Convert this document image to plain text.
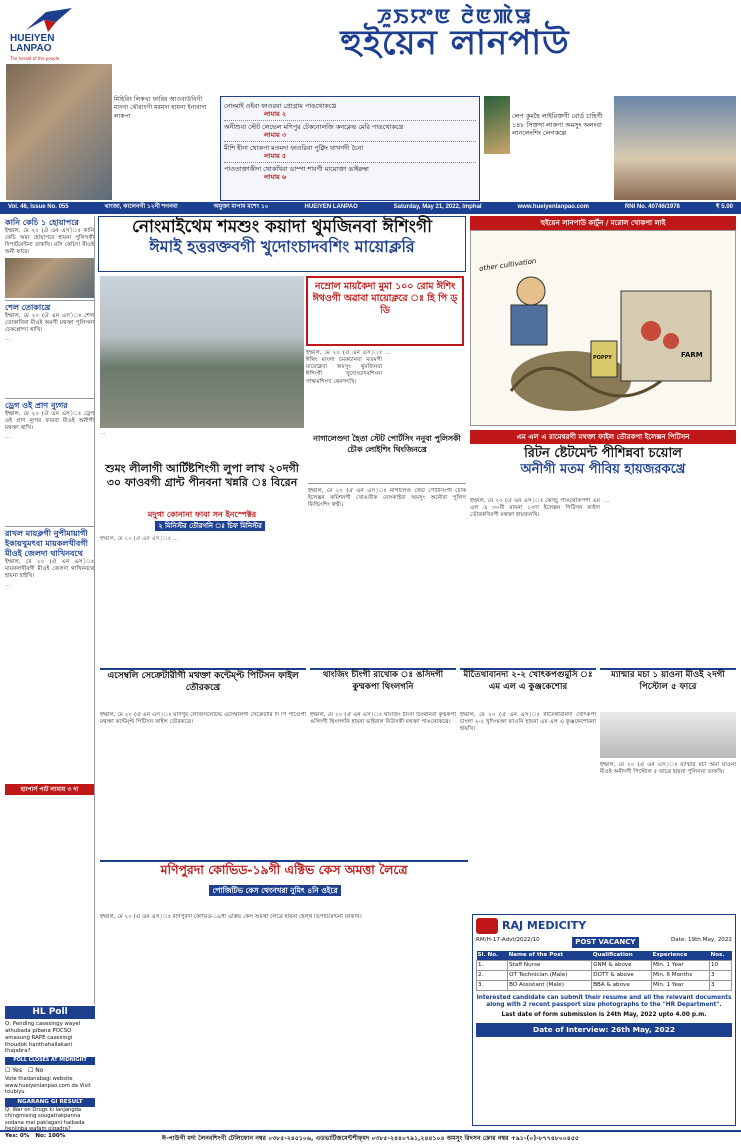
HUEIYEN LANPAO
The herald of the people
ꯍꯨꯏꯌꯦꯟ ꯂꯥꯟꯄꯥꯎ
হুইয়েন লানপাউ
মিহিরিং লিকখা ফারির আওবাউবিগী মানবা থৌরাংগী মরমদা হায়না ইনাবাদা লাকপা
নোংমাই ওইবা ফাওরবা প্রোগ্রাম পাঙথোকখ্রে
লামায় ২
অনীশুবা স্টেট লেভেল মণিপুর টেকনোলজি কনক্লেভ মেরি পাঙথোকখ্রে
লামায় ৩
মীশি হীনা থোকপা মতমদা ফাওরিবা পুক্নিং থাখগদী চৈনা
লামায় ৫
পাওতাক্তাকীদা থোকখিবা ডাম্পা শাবগী মায়োক্তা ঙাইরুম্বা
লামায় ৬
লেপ কুমহৈ লাইরিক্তগী বোর্ড চাহিগী ১৪৮ সিক্তদা লাকপা অমসুং অলংবা লানলেংশিং লেপকল্লে
Vol. 46, Issue No. 055	থাংজা, কালেনগী ১২নী শগনবা	অমুক্তা মাপাম মশেং ১০	HUEIYEN LANPAO	Saturday, May 21, 2022, Imphal	www.hueiyenlanpao.com	RNI No. 40746/1978	₹ 5.00
কানি কেচি ১ হোয়াপরে

ইম্ফাল, মে ২০ (ঐ এন এস)ঃ কানি কেচি অমা হোয়াপরে হায়না পুলিসকী দিপার্টমেন্টনা তাকখি। মসি কেচিদা মীওই অনী ফারে।

শেল তোকাখ্রে

ইম্ফাল, মে ২০ (ঐ এন এস)ঃ শেল তোকাখিবা মীওই অমগী মথক্তা পুলিসনা চেকপ্লোন্দা থাখি।

…

ড্রেগ ওই প্রাণ ন্যুগর

ইম্ফাল, মে ২০ (ঐ এন এস)ঃ ড্রেগ ওই প্রাণ ন্যুগর ফারবা মীওই অনীগী মথক্তা থাখি।

…

রাখল মায়ক্লগী নুপীমায়াগী ইকায়খুমৎবা মায়কলখীবগী মীওই জেলদা থাখিনবথে

ইম্ফাল, মে ২০ (ঐ এন এস)ঃ মায়কলখীবগী মীওই জেলদা থাখিনবথে হায়না হাইখি।

…

হ্যাপার্স পাট লামায় ৩ দা
HL Poll
Q: Pending casesingy wayel athubada pibana POCSO amasung RAPE casesingi thoudok hanthahallakani thajabra?
POLL CLOSES AT MIDNIGHT
☐ Yes ☐ No
Vote thadanabagi website www.hueiyenlanpao.com da Visit toubiyu
NGARANG GI RESULT
Q: War on Drugs ki lanjangda chingmising sougatrakpanna sodana mai paklagani haibada henjinba wafam oigadra?
Yes: 0% No: 100%
নোংমাইথেম শমশুং কয়াদা থুমজিনবা ঈশিংগী
ঈমাই হত্তরক্তবগী খুদোংচাদবশিং মায়োক্লরি
নম্রোল মায়কৈদা মুমা ১০০ রোম ঈশিং ঈথওগী অৱাবা মায়োক্লরে ঃ হি পি ড্ ডি
ইম্ফাল, মে ২০ (ঐ এন এস)ঃ ঈথিং মাংলা চমকচানবা মতমগী মায়োক্লবা অমসুং থুমজিনবা ঈশিংগী খুদোংচাদবশিংনা পাম্ফমশিংদা থেনগৎখি।
…
…
শুমং লীলাগী আর্টিষ্টশিংগী লুপা লাখ ২০দগী ৩০ ফাওবগী গ্রান্ট পীনবনা খন্নরি ঃ বিরেন
মদুগা কোনানা ফাবা সন ইনস্পেক্টর
২ মিনিস্টর তৌরগনি ঃ চিফ মিনিস্টর
ইম্ফাল, মে ২০ (ঐ এন এস)ঃ …
নাগালেণ্ডদা হৈতা স্টেট পোর্টসিং ননুবা পুলিসকী চৌক লোইশিং থিংজিনখ্রে
ইম্ফাল, মে ২০ (ঐ এন এস)ঃ নাগালেণ্ড স্টেট পোর্টসিংগী চৌক ইলেক্সন কমিশনগী খোঙতীক নোংকাইবা অমসুং অনৌবা পুলিস ফিল্ডিংশিং থম্মী।
হুইয়েন লানপাউ কার্টুন / মরোল খোকপা লাই
other cultivation
FARM
POPPY
এম এল এ রামেশ্বরগী মথক্তা ফাইল তৌরকপা ইলেক্সন পিটিসন
রিটন ষ্টেটমেন্ট পীশিন্নবা চয়োল
অনীগী মতম পীবিয় হায়জরকখ্রে
ইম্ফাল, মে ২০ (ঐ এন এস)ঃ কেসচু পাঙথোকপগী এম এল এ ৩০নী মায়না ১৩দা ইলেক্সন পিটিসন ফাইল তৌরকখিবগী মথক্তা হায়জনখি।
…
এসেম্বলি সেক্রেটারীগী মথক্তা কন্টেম্প্ট পিটিসন ফাইল তৌরকখ্রে
ইম্ফাল, মে ২০ (ঐ এন এস)ঃ মণিপুর লেজিসলেটিভ এসেম্বলিগী সেক্রেটারি দি পি পাণ্ডেগী মথক্তা কন্টেম্প্ট পিটিসন ফাইল তৌরকখ্রে।
থাংজিং চীংগী রাথোক ঃ ঙসিদগী কুম্মকপা থিংলগনি
ইম্ফাল, মে ২০ (ঐ এন এস)ঃ থাংজিং চীংদা চিংথানবা কুম্মকপা ঙসিদগী থিংলগনি হায়না ভাইরাল নিউসকী মথক্তা পাঙথোকখ্রে।
মীতৈথাবানদা ২-২ খোৎকপগুমুসি ঃ এম এল এ কুঞ্জকেশোর
ইম্ফাল, মে ২০ (ঐ এন এস)ঃ মীতৈথাবানদা খোৎকপা চাংলা ২-২ খুদিংমক্তা ফাওনি হায়না এম এল এ কুঞ্জকেশোরনা হায়খি।
ম্যান্মার মচা ১ য়াওনা মীওই ২দগী পিস্টোল ৫ ফারে
ইম্ফাল, মে ২০ (ঐ এন এস)ঃ ম্যান্মার মচা অমা য়াওনা মীওই অনীদগী পিস্টোল ৫ ফাখ্রে হায়না পুলিসনা তাকখি।
মণিপুরদা কোভিড-১৯গী এক্টিভ কেস অমত্তা লৈত্রে
পোজিটিভ কেস থেংনখরা নুমিৎ ৪নি ওইরে
ইম্ফাল, মে ২০ (ঐ এন এস)ঃ মণিপুরদা কোভিড-১৯গী এক্টিভ কেস অমত্তা লৈত্রে হায়না হেল্থ ডিপার্টমেন্টনা তাকখি।
RAJ MEDICITY
RM/H-17-Advt/2022/10	POST VACANCY	Date: 19th May, 2022
Sl. No.	Name of the Post	Qualification	Experience	Nos.
1.	Staff Nurse	GNM & above	Min. 1 Year	10
2.	OT Technician (Male)	DOTT & above	Min. 6 Months	3
3.	BO Assistant (Male)	BBA & above	Min. 1 Year	3
Interested candidate can submit their resume and all the relevant documents along with 2 recent passport size photographs to the "HR Department".
Last date of form submission is 24th May, 2022 upto 4.00 p.m.
Date of Interview: 26th May, 2022
ঈ-পাউগী মর্দা লৈনবশিংগী টেলিফোন নম্বর ০৩৮৫-২৪৫১০৬, এডভার্টিজমেন্টশীফ্মদ ০৩৮৫-২৪৪০৭৯১,২৪৪১০৪ অমসুং রিদসন ক্রোর নম্বর +৯১-(০)-৮৭৭৪৮০০৪৫৫
